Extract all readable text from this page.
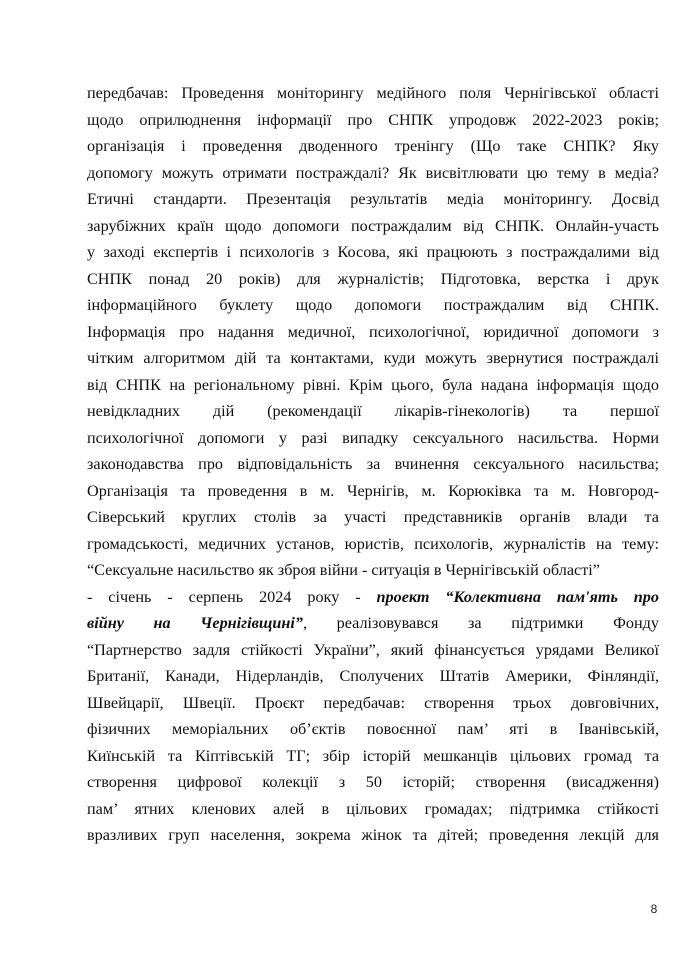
передбачав: Проведення моніторингу медійного поля Чернігівської області
щодо оприлюднення інформації про СНПК упродовж 2022-2023 років;
організація і проведення дводенного тренінгу (Що таке СНПК? Яку
допомогу можуть отримати постраждалі? Як висвітлювати цю тему в медіа?
Етичні стандарти. Презентація результатів медіа моніторингу. Досвід
зарубіжних країн щодо допомоги постраждалим від СНПК. Онлайн-участь
у заході експертів і психологів з Косова, які працюють з постраждалими від
СНПК понад 20 років) для журналістів; Підготовка, верстка і друк
інформаційного буклету щодо допомоги постраждалим від СНПК.
Інформація про надання медичної, психологічної, юридичної допомоги з
чітким алгоритмом дій та контактами, куди можуть звернутися постраждалі
від СНПК на регіональному рівні. Крім цього, була надана інформація щодо
невідкладних дій (рекомендації лікарів-гінекологів) та першої
психологічної допомоги у разі випадку сексуального насильства. Норми
законодавства про відповідальність за вчинення сексуального насильства;
Організація та проведення в м. Чернігів, м. Корюківка та м. Новгород-
Сіверський круглих столів за участі представників органів влади та
громадськості, медичних установ, юристів, психологів, журналістів на тему:
“Сексуальне насильство як зброя війни - ситуація в Чернігівській області”
- січень - серпень 2024 року - проект “Колективна пам'ять про
війну на Чернігівщині”, реалізовувався за підтримки Фонду
“Партнерство задля стійкості України”, який фінансується урядами Великої
Британії, Канади, Нідерландів, Сполучених Штатів Америки, Фінляндії,
Швейцарії, Швеції. Проєкт передбачав: створення трьох довговічних,
фізичних меморіальних об’єктів повоєнної пам’ яті в Іванівській,
Киїнській та Кіптівській ТГ; збір історій мешканців цільових громад та
створення цифрової колекції з 50 історій; створення (висадження)
пам’ ятних кленових алей в цільових громадах; підтримка стійкості
вразливих груп населення, зокрема жінок та дітей; проведення лекцій для
8
